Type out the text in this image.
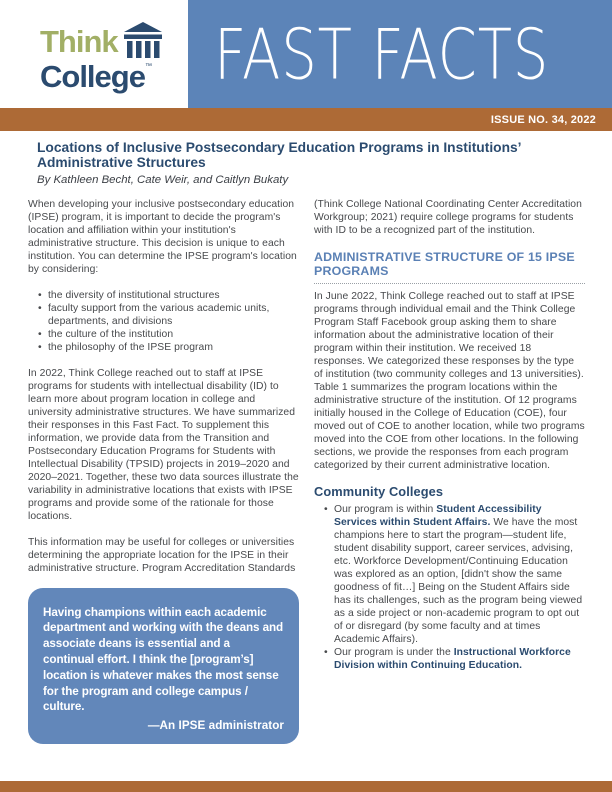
Think
College ™ FAST FACTS
ISSUE NO. 34, 2022
Locations of Inclusive Postsecondary Education Programs in Institutions’
Administrative Structures
By Kathleen Becht, Cate Weir, and Caitlyn Bukaty

When developing your inclusive postsecondary education (IPSE) program, it is important to decide the program's location and affiliation within your institution's administrative structure. This decision is unique to each institution. You can determine the IPSE program's location by considering:

• the diversity of institutional structures
• faculty support from the various academic units, departments, and divisions
• the culture of the institution
• the philosophy of the IPSE program

In 2022, Think College reached out to staff at IPSE programs for students with intellectual disability (ID) to learn more about program location in college and university administrative structures. We have summarized their responses in this Fast Fact. To supplement this information, we provide data from the Transition and Postsecondary Education Programs for Students with Intellectual Disability (TPSID) projects in 2019–2020 and 2020–2021. Together, these two data sources illustrate the variability in administrative locations that exists with IPSE programs and provide some of the rationale for those locations.

This information may be useful for colleges or universities determining the appropriate location for the IPSE in their administrative structure. Program Accreditation Standards

Having champions within each academic department and working with the deans and associate deans is essential and a continual effort. I think the [program’s] location is whatever makes the most sense for the program and college campus / culture.
—An IPSE administrator

(Think College National Coordinating Center Accreditation Workgroup; 2021) require college programs for students with ID to be a recognized part of the institution.

ADMINISTRATIVE STRUCTURE OF 15 IPSE PROGRAMS

In June 2022, Think College reached out to staff at IPSE programs through individual email and the Think College Program Staff Facebook group asking them to share information about the administrative location of their program within their institution. We received 18 responses. We categorized these responses by the type of institution (two community colleges and 13 universities). Table 1 summarizes the program locations within the administrative structure of the institution. Of 12 programs initially housed in the College of Education (COE), four moved out of COE to another location, while two programs moved into the COE from other locations. In the following sections, we provide the responses from each program categorized by their current administrative location.

Community Colleges
• Our program is within Student Accessibility Services within Student Affairs. We have the most champions here to start the program—student life, student disability support, career services, advising, etc. Workforce Development/Continuing Education was explored as an option, [didn't show the same goodness of fit…] Being on the Student Affairs side has its challenges, such as the program being viewed as a side project or non-academic program to opt out of or disregard (by some faculty and at times Academic Affairs).
• Our program is under the Instructional Workforce Division within Continuing Education.
